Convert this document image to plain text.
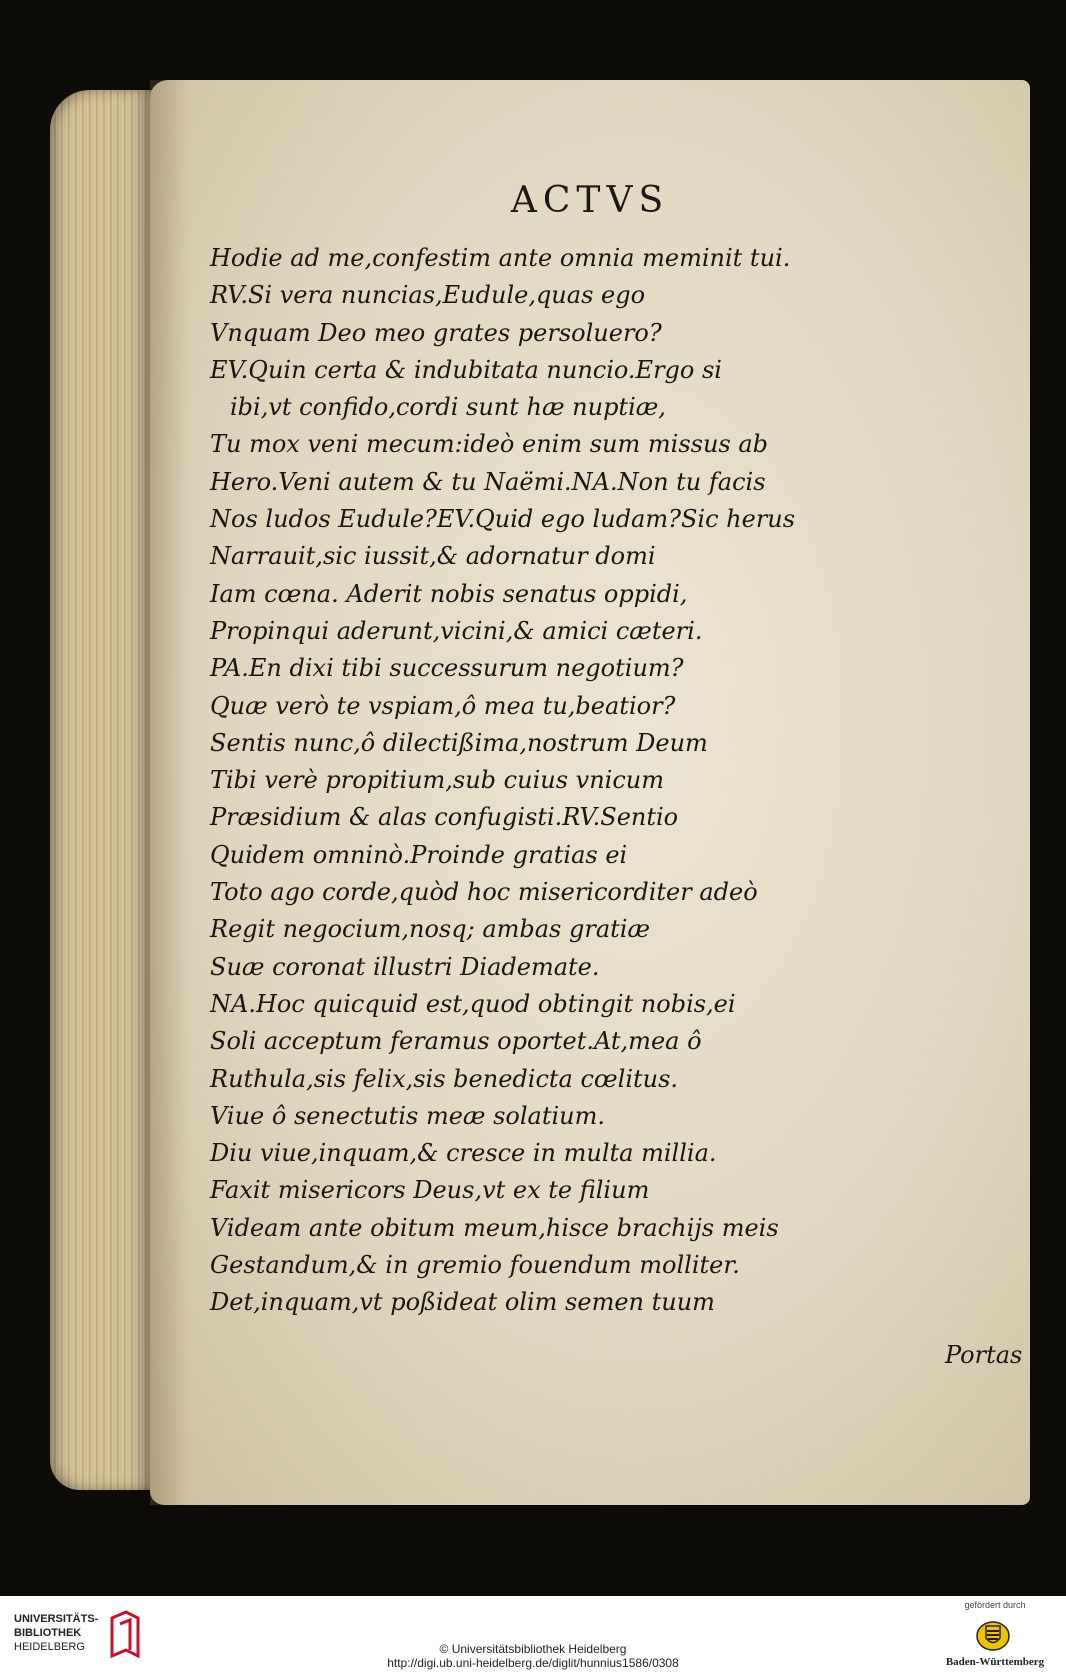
ACTVS
Hodie ad me,confestim ante omnia meminit tui.
RV.Si vera nuncias,Eudule,quas ego
Vnquam Deo meo grates persoluero?
EV.Quin certa & indubitata nuncio.Ergo si
ibi,vt confido,cordi sunt hæ nuptiæ,
Tu mox veni mecum:ideò enim sum missus ab
Hero.Veni autem & tu Naëmi.NA.Non tu facis
Nos ludos Eudule?EV.Quid ego ludam?Sic herus
Narrauit,sic iussit,& adornatur domi
Iam cœna. Aderit nobis senatus oppidi,
Propinqui aderunt,vicini,& amici cæteri.
PA.En dixi tibi successurum negotium?
Quæ verò te vspiam,ô mea tu,beatior?
Sentis nunc,ô dilectißima,nostrum Deum
Tibi verè propitium,sub cuius vnicum
Præsidium & alas confugisti.RV.Sentio
Quidem omninò.Proinde gratias ei
Toto ago corde,quòd hoc misericorditer adeò
Regit negocium,nosq; ambas gratiæ
Suæ coronat illustri Diademate.
NA.Hoc quicquid est,quod obtingit nobis,ei
Soli acceptum feramus oportet.At,mea ô
Ruthula,sis felix,sis benedicta cœlitus.
Viue ô senectutis meæ solatium.
Diu viue,inquam,& cresce in multa millia.
Faxit misericors Deus,vt ex te filium
Videam ante obitum meum,hisce brachijs meis
Gestandum,& in gremio fouendum molliter.
Det,inquam,vt poßideat olim semen tuum
Portas
UNIVERSITÄTS-
BIBLIOTHEK
HEIDELBERG	© Universitätsbibliothek Heidelberg
http://digi.ub.uni-heidelberg.de/diglit/hunnius1586/0308
gefördert durch
Baden-Württemberg
